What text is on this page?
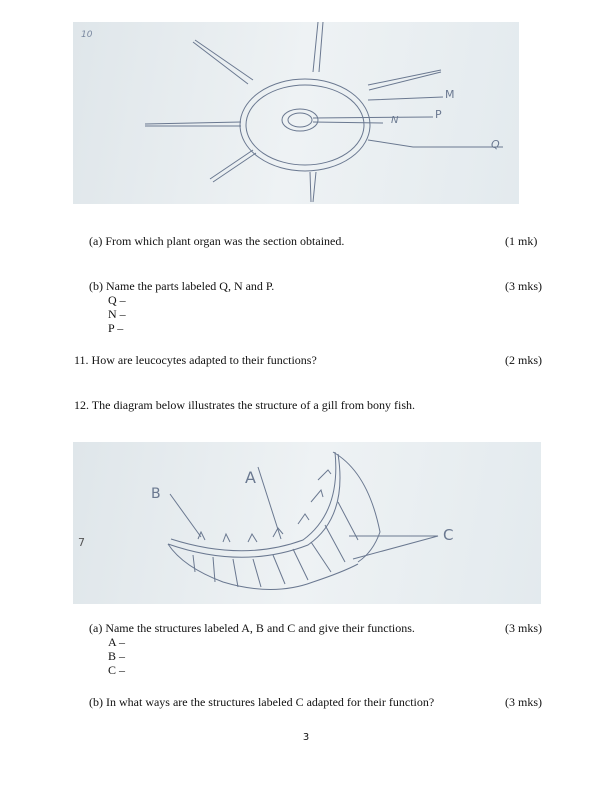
10
M
P
N
Q
(a) From which plant organ was the section obtained.	(1 mk)
(b) Name the parts labeled Q, N and P.	(3 mks)
Q –
N –
P –
11. How are leucocytes adapted to their functions?	(2 mks)
12. The diagram below illustrates the structure of a gill from bony fish.
B
A
C
7
(a) Name the structures labeled A, B and C and give their functions.	(3 mks)
A –
B –
C –
(b) In what ways are the structures labeled C adapted for their function?	(3 mks)
3
